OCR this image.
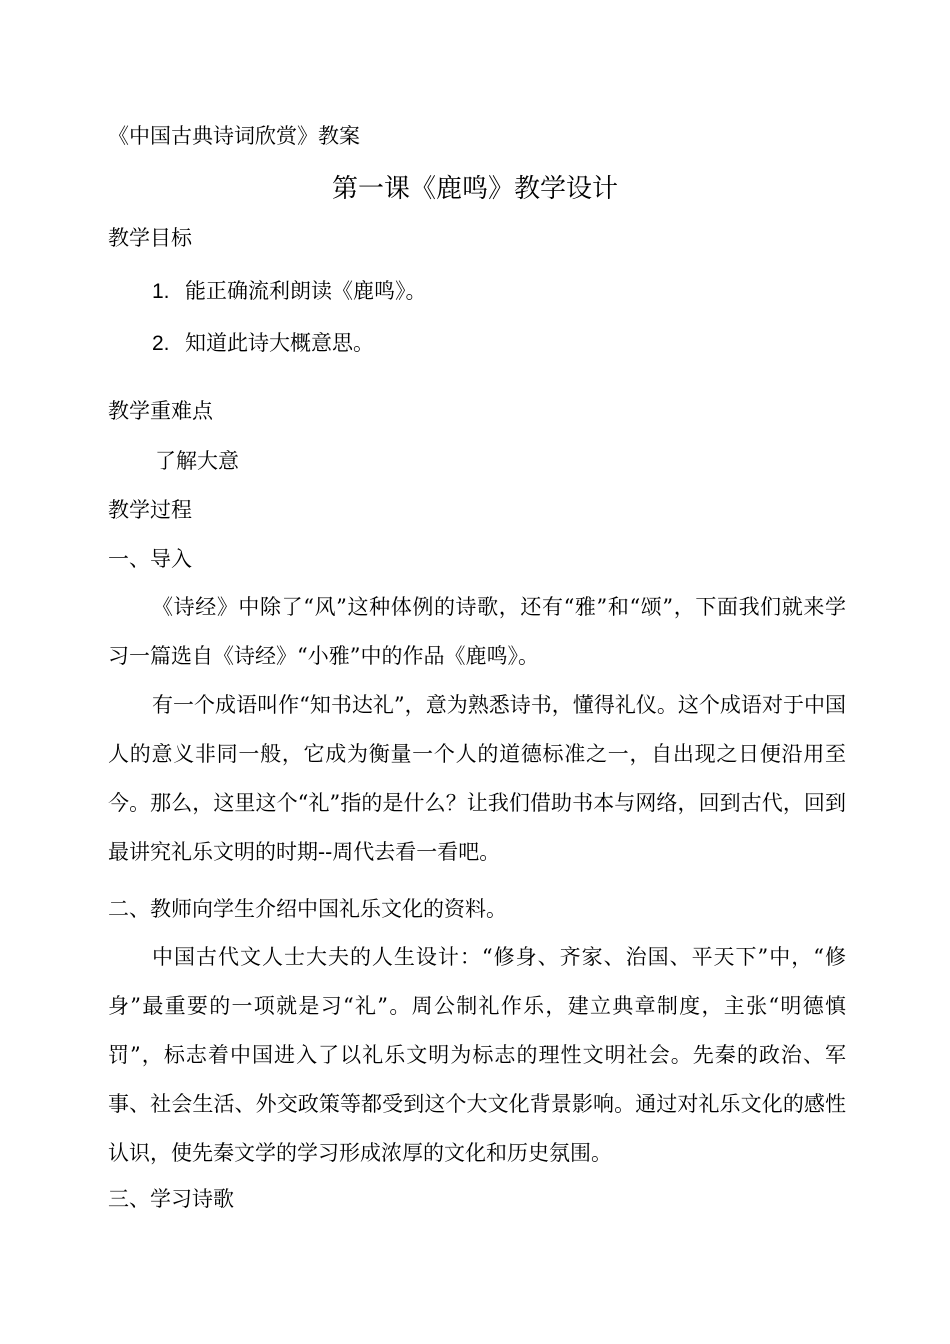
《中国古典诗词欣赏》教案
第一课《鹿鸣》教学设计
教学目标
1. 能正确流利朗读《鹿鸣》。
2. 知道此诗大概意思。
教学重难点
了解大意
教学过程
一、导入

《诗经》中除了“风”这种体例的诗歌，还有“雅”和“颂”，下面我们就来学习一篇选自《诗经》“小雅”中的作品《鹿鸣》。

有一个成语叫作“知书达礼”，意为熟悉诗书，懂得礼仪。这个成语对于中国人的意义非同一般，它成为衡量一个人的道德标准之一，自出现之日便沿用至今。那么，这里这个“礼”指的是什么？让我们借助书本与网络，回到古代，回到最讲究礼乐文明的时期--周代去看一看吧。

二、教师向学生介绍中国礼乐文化的资料。

中国古代文人士大夫的人生设计：“修身、齐家、治国、平天下”中，“修身”最重要的一项就是习“礼”。周公制礼作乐，建立典章制度，主张“明德慎罚”，标志着中国进入了以礼乐文明为标志的理性文明社会。先秦的政治、军事、社会生活、外交政策等都受到这个大文化背景影响。通过对礼乐文化的感性认识，使先秦文学的学习形成浓厚的文化和历史氛围。

三、学习诗歌
